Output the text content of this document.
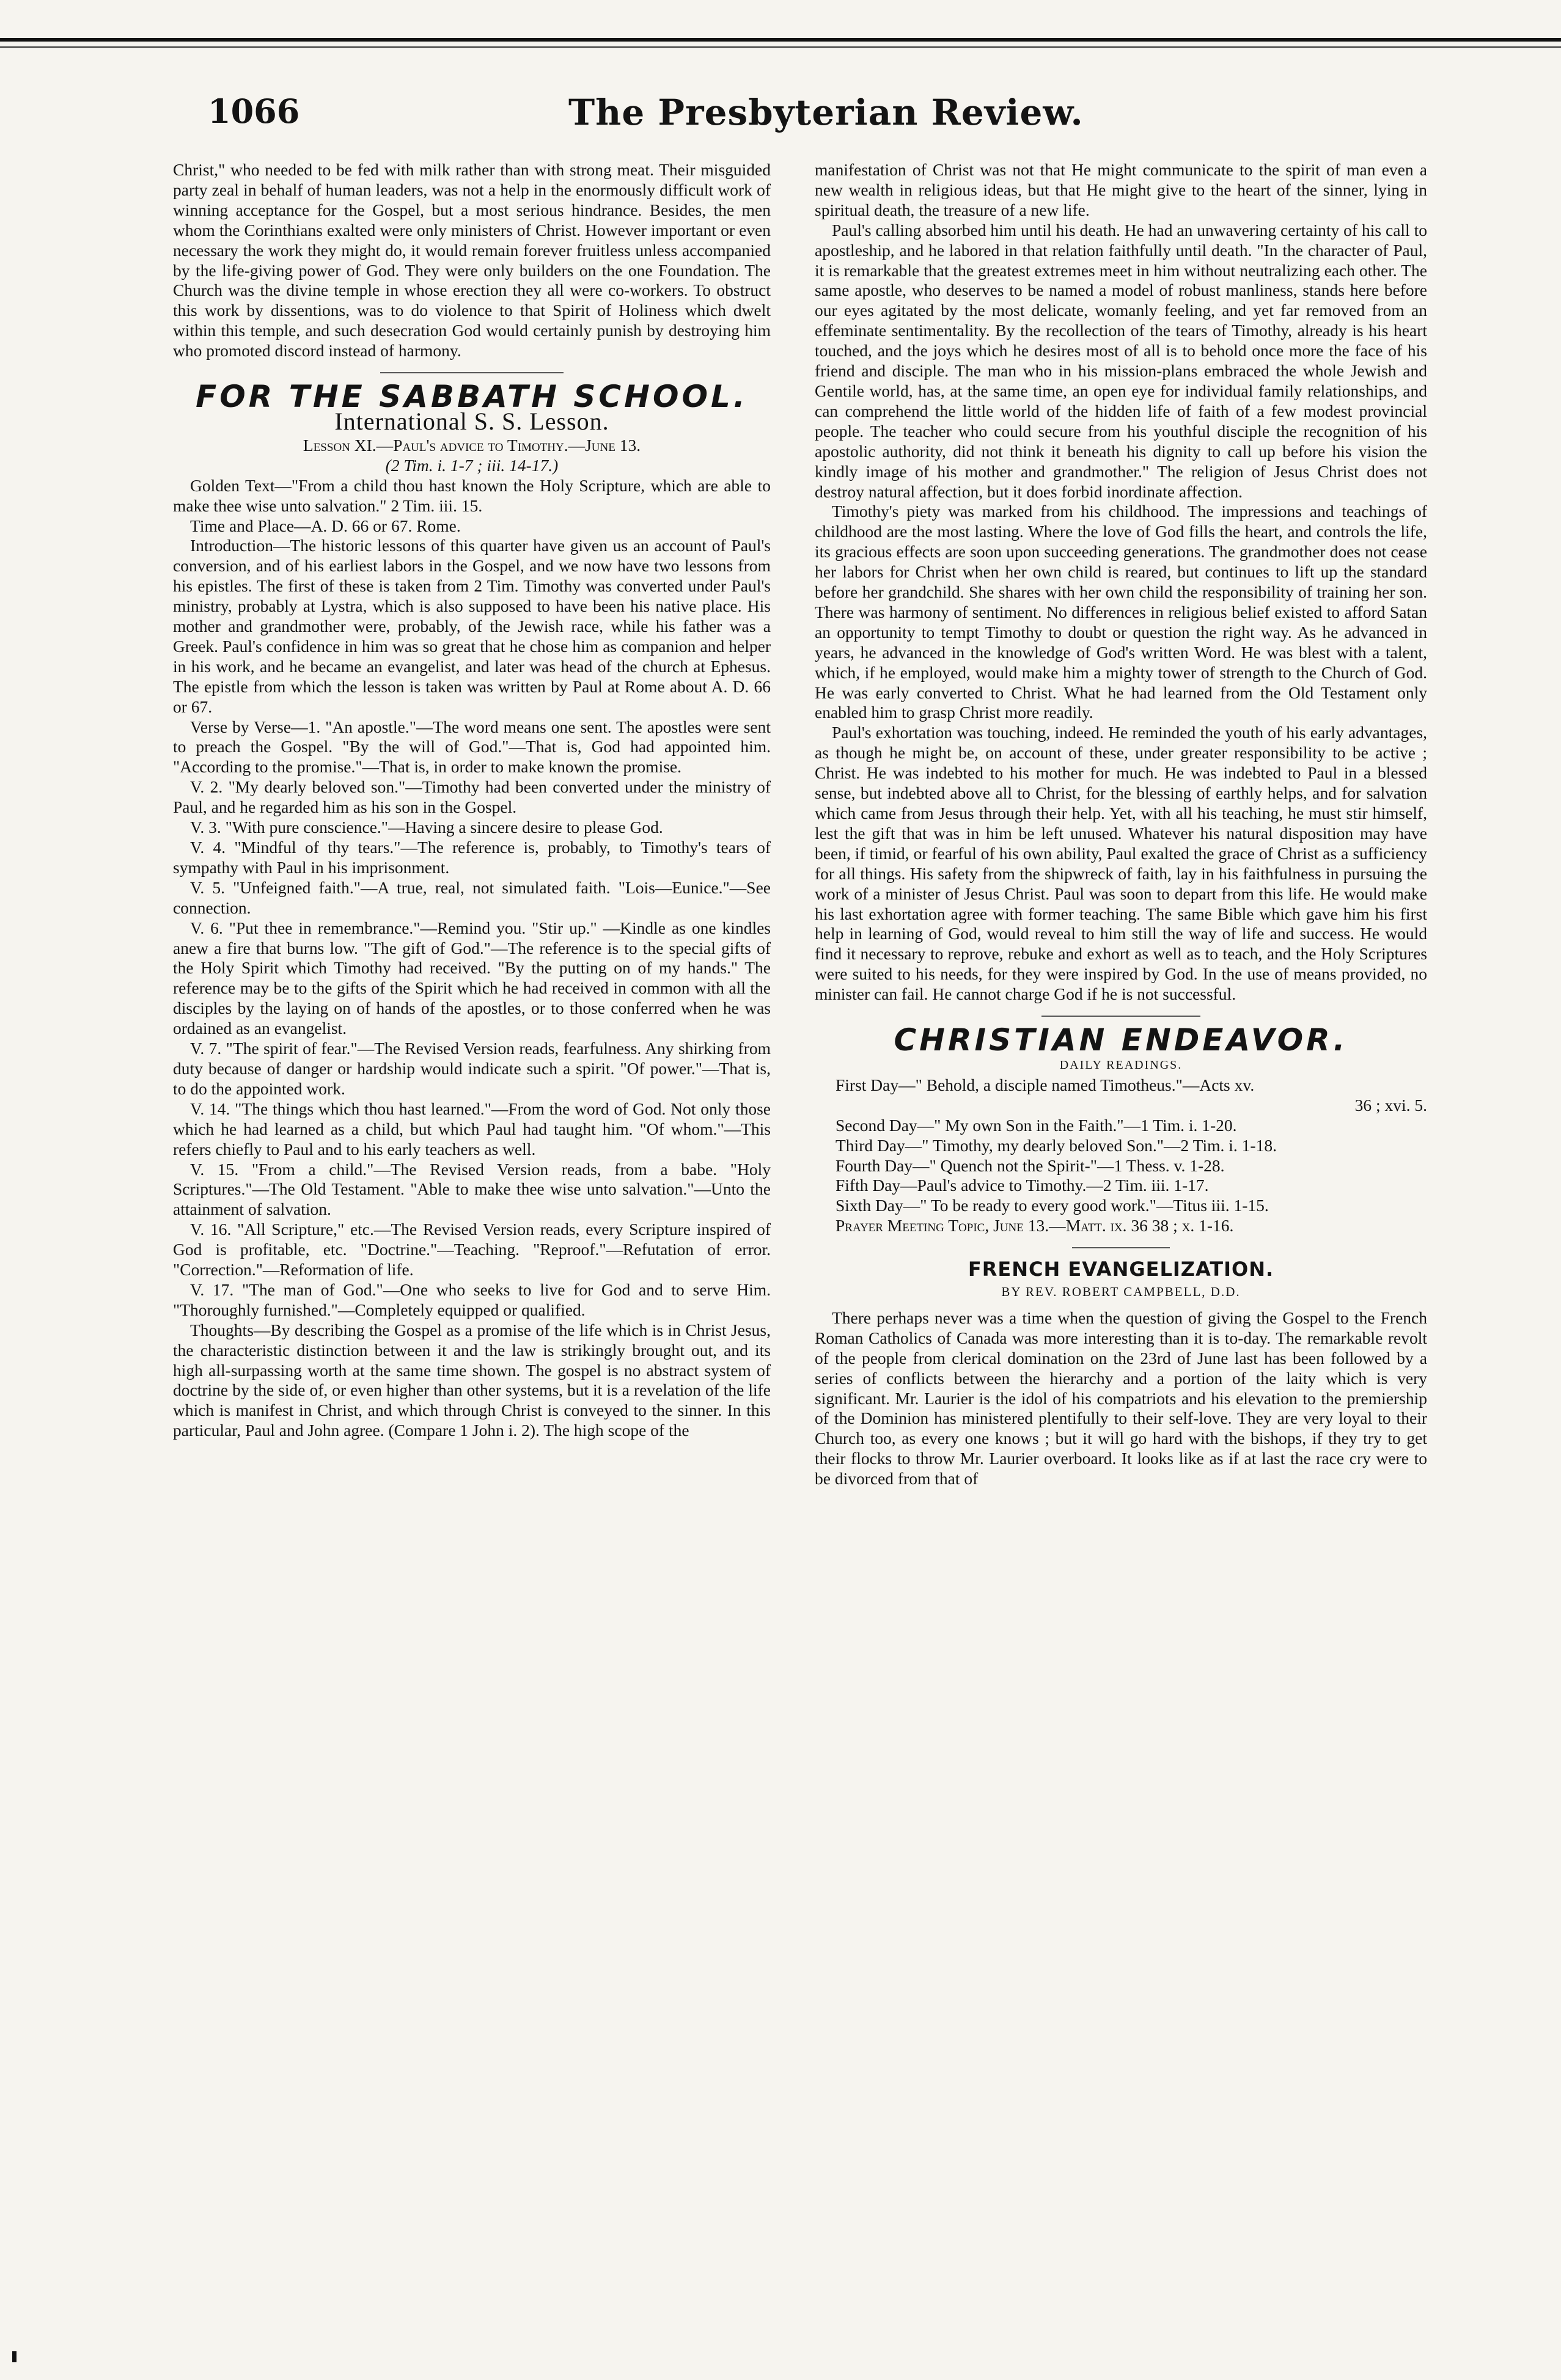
1066	The Presbyterian Review.

Christ," who needed to be fed with milk rather than with strong meat. Their misguided party zeal in behalf of human leaders, was not a help in the enormously difficult work of winning acceptance for the Gospel, but a most serious hindrance. Besides, the men whom the Corinthians exalted were only ministers of Christ. However important or even necessary the work they might do, it would remain forever fruitless unless accompanied by the life-giving power of God. They were only builders on the one Foundation. The Church was the divine temple in whose erection they all were co-workers. To obstruct this work by dissentions, was to do violence to that Spirit of Holiness which dwelt within this temple, and such desecration God would certainly punish by destroying him who promoted discord instead of harmony.

FOR THE SABBATH SCHOOL.
International S. S. Lesson.

Lesson XI.—Paul's advice to Timothy.—June 13.

(2 Tim. i. 1-7 ; iii. 14-17.)

Golden Text—"From a child thou hast known the Holy Scripture, which are able to make thee wise unto salvation." 2 Tim. iii. 15.

Time and Place—A. D. 66 or 67. Rome.

Introduction—The historic lessons of this quarter have given us an account of Paul's conversion, and of his earliest labors in the Gospel, and we now have two lessons from his epistles. The first of these is taken from 2 Tim. Timothy was converted under Paul's ministry, probably at Lystra, which is also supposed to have been his native place. His mother and grandmother were, probably, of the Jewish race, while his father was a Greek. Paul's confidence in him was so great that he chose him as companion and helper in his work, and he became an evangelist, and later was head of the church at Ephesus. The epistle from which the lesson is taken was written by Paul at Rome about A. D. 66 or 67.

Verse by Verse—1. "An apostle."—The word means one sent. The apostles were sent to preach the Gospel. "By the will of God."—That is, God had appointed him. "According to the promise."—That is, in order to make known the promise.

V. 2. "My dearly beloved son."—Timothy had been converted under the ministry of Paul, and he regarded him as his son in the Gospel.

V. 3. "With pure conscience."—Having a sincere desire to please God.

V. 4. "Mindful of thy tears."—The reference is, probably, to Timothy's tears of sympathy with Paul in his imprisonment.

V. 5. "Unfeigned faith."—A true, real, not simulated faith. "Lois—Eunice."—See connection.

V. 6. "Put thee in remembrance."—Remind you. "Stir up." —Kindle as one kindles anew a fire that burns low. "The gift of God."—The reference is to the special gifts of the Holy Spirit which Timothy had received. "By the putting on of my hands." The reference may be to the gifts of the Spirit which he had received in common with all the disciples by the laying on of hands of the apostles, or to those conferred when he was ordained as an evangelist.

V. 7. "The spirit of fear."—The Revised Version reads, fearfulness. Any shirking from duty because of danger or hardship would indicate such a spirit. "Of power."—That is, to do the appointed work.

V. 14. "The things which thou hast learned."—From the word of God. Not only those which he had learned as a child, but which Paul had taught him. "Of whom."—This refers chiefly to Paul and to his early teachers as well.

V. 15. "From a child."—The Revised Version reads, from a babe. "Holy Scriptures."—The Old Testament. "Able to make thee wise unto salvation."—Unto the attainment of salvation.

V. 16. "All Scripture," etc.—The Revised Version reads, every Scripture inspired of God is profitable, etc. "Doctrine."—Teaching. "Reproof."—Refutation of error. "Correction."—Reformation of life.

V. 17. "The man of God."—One who seeks to live for God and to serve Him. "Thoroughly furnished."—Completely equipped or qualified.

Thoughts—By describing the Gospel as a promise of the life which is in Christ Jesus, the characteristic distinction between it and the law is strikingly brought out, and its high all-surpassing worth at the same time shown. The gospel is no abstract system of doctrine by the side of, or even higher than other systems, but it is a revelation of the life which is manifest in Christ, and which through Christ is conveyed to the sinner. In this particular, Paul and John agree. (Compare 1 John i. 2). The high scope of the

manifestation of Christ was not that He might communicate to the spirit of man even a new wealth in religious ideas, but that He might give to the heart of the sinner, lying in spiritual death, the treasure of a new life.

Paul's calling absorbed him until his death. He had an unwavering certainty of his call to apostleship, and he labored in that relation faithfully until death. "In the character of Paul, it is remarkable that the greatest extremes meet in him without neutralizing each other. The same apostle, who deserves to be named a model of robust manliness, stands here before our eyes agitated by the most delicate, womanly feeling, and yet far removed from an effeminate sentimentality. By the recollection of the tears of Timothy, already is his heart touched, and the joys which he desires most of all is to behold once more the face of his friend and disciple. The man who in his mission-plans embraced the whole Jewish and Gentile world, has, at the same time, an open eye for individual family relationships, and can comprehend the little world of the hidden life of faith of a few modest provincial people. The teacher who could secure from his youthful disciple the recognition of his apostolic authority, did not think it beneath his dignity to call up before his vision the kindly image of his mother and grandmother." The religion of Jesus Christ does not destroy natural affection, but it does forbid inordinate affection.

Timothy's piety was marked from his childhood. The impressions and teachings of childhood are the most lasting. Where the love of God fills the heart, and controls the life, its gracious effects are soon upon succeeding generations. The grandmother does not cease her labors for Christ when her own child is reared, but continues to lift up the standard before her grandchild. She shares with her own child the responsibility of training her son. There was harmony of sentiment. No differences in religious belief existed to afford Satan an opportunity to tempt Timothy to doubt or question the right way. As he advanced in years, he advanced in the knowledge of God's written Word. He was blest with a talent, which, if he employed, would make him a mighty tower of strength to the Church of God. He was early converted to Christ. What he had learned from the Old Testament only enabled him to grasp Christ more readily.

Paul's exhortation was touching, indeed. He reminded the youth of his early advantages, as though he might be, on account of these, under greater responsibility to be active ; Christ. He was indebted to his mother for much. He was indebted to Paul in a blessed sense, but indebted above all to Christ, for the blessing of earthly helps, and for salvation which came from Jesus through their help. Yet, with all his teaching, he must stir himself, lest the gift that was in him be left unused. Whatever his natural disposition may have been, if timid, or fearful of his own ability, Paul exalted the grace of Christ as a sufficiency for all things. His safety from the shipwreck of faith, lay in his faithfulness in pursuing the work of a minister of Jesus Christ. Paul was soon to depart from this life. He would make his last exhortation agree with former teaching. The same Bible which gave him his first help in learning of God, would reveal to him still the way of life and success. He would find it necessary to reprove, rebuke and exhort as well as to teach, and the Holy Scriptures were suited to his needs, for they were inspired by God. In the use of means provided, no minister can fail. He cannot charge God if he is not successful.

CHRISTIAN ENDEAVOR.

DAILY READINGS.

First Day—" Behold, a disciple named Timotheus."—Acts xv.

36 ; xvi. 5.

Second Day—" My own Son in the Faith."—1 Tim. i. 1-20.

Third Day—" Timothy, my dearly beloved Son."—2 Tim. i. 1-18.

Fourth Day—" Quench not the Spirit-"—1 Thess. v. 1-28.

Fifth Day—Paul's advice to Timothy.—2 Tim. iii. 1-17.

Sixth Day—" To be ready to every good work."—Titus iii. 1-15.

Prayer Meeting Topic, June 13.—Matt. ix. 36 38 ; x. 1-16.

FRENCH EVANGELIZATION.

BY REV. ROBERT CAMPBELL, D.D.

There perhaps never was a time when the question of giving the Gospel to the French Roman Catholics of Canada was more interesting than it is to-day. The remarkable revolt of the people from clerical domination on the 23rd of June last has been followed by a series of conflicts between the hierarchy and a portion of the laity which is very significant. Mr. Laurier is the idol of his compatriots and his elevation to the premiership of the Dominion has ministered plentifully to their self-love. They are very loyal to their Church too, as every one knows ; but it will go hard with the bishops, if they try to get their flocks to throw Mr. Laurier overboard. It looks like as if at last the race cry were to be divorced from that of
